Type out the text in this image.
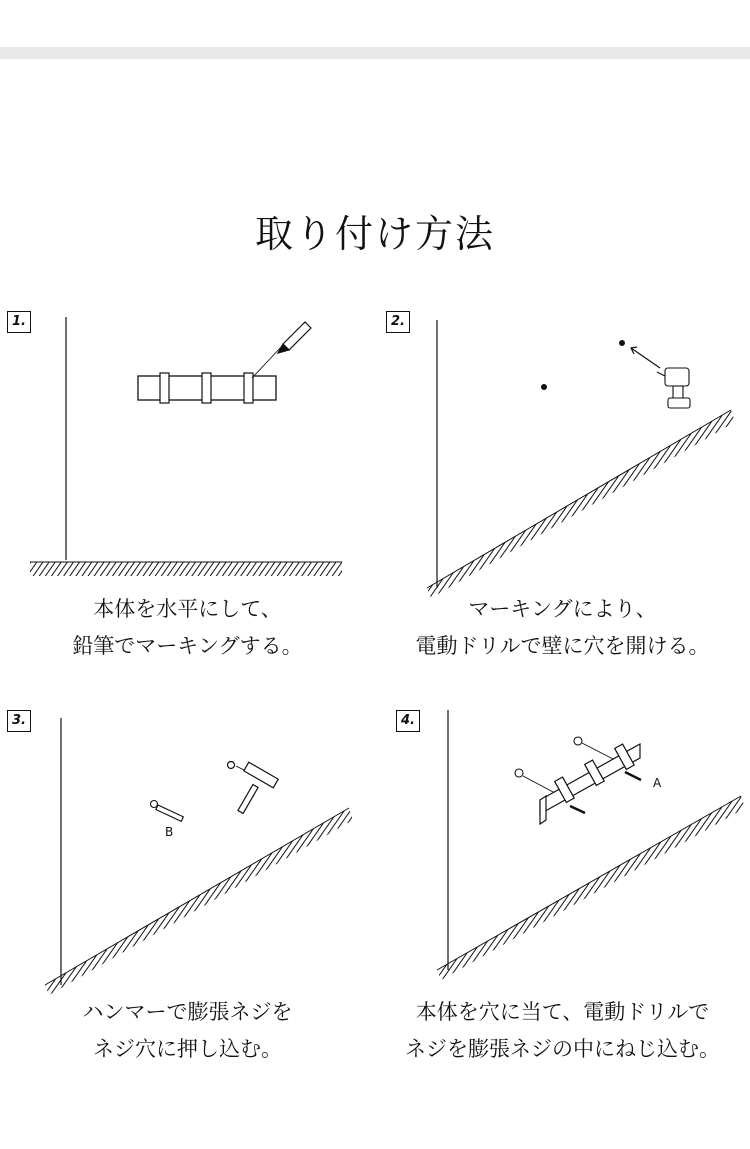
取り付け方法
1.
本体を水平にして、
鉛筆でマーキングする。
2.
マーキングにより、
電動ドリルで壁に穴を開ける。
3.
B
ハンマーで膨張ネジを
ネジ穴に押し込む。
4.
A
本体を穴に当て、電動ドリルで
ネジを膨張ネジの中にねじ込む。
